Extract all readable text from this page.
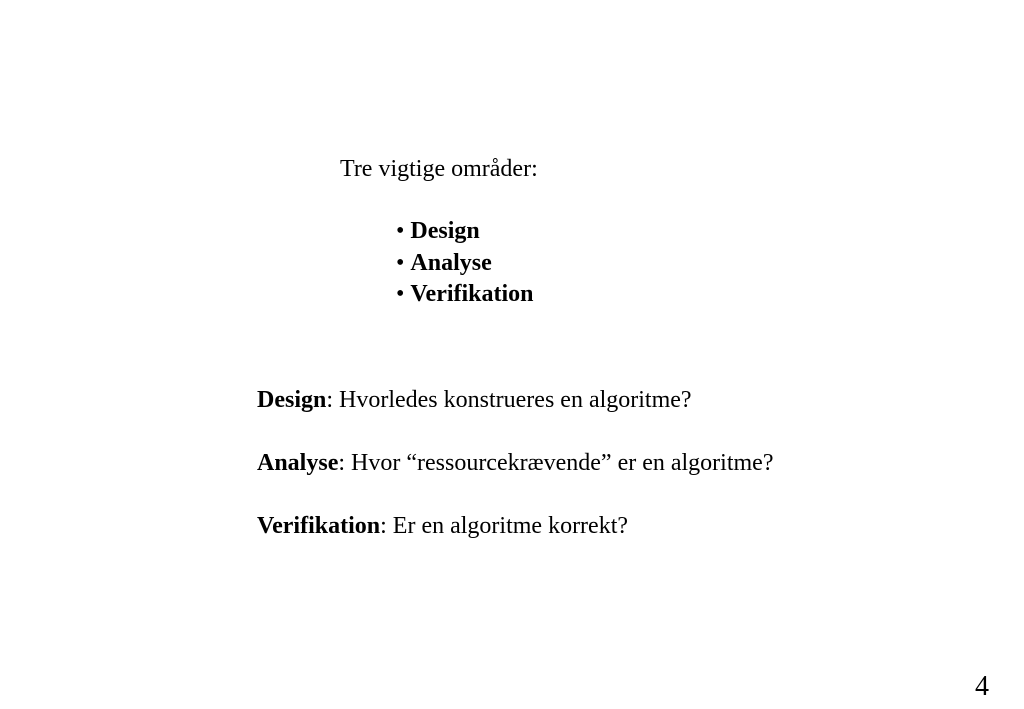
Tre vigtige områder:
• Design
• Analyse
• Verifikation
Design: Hvorledes konstrueres en algoritme?
Analyse: Hvor “ressourcekrævende” er en algoritme?
Verifikation: Er en algoritme korrekt?
4
